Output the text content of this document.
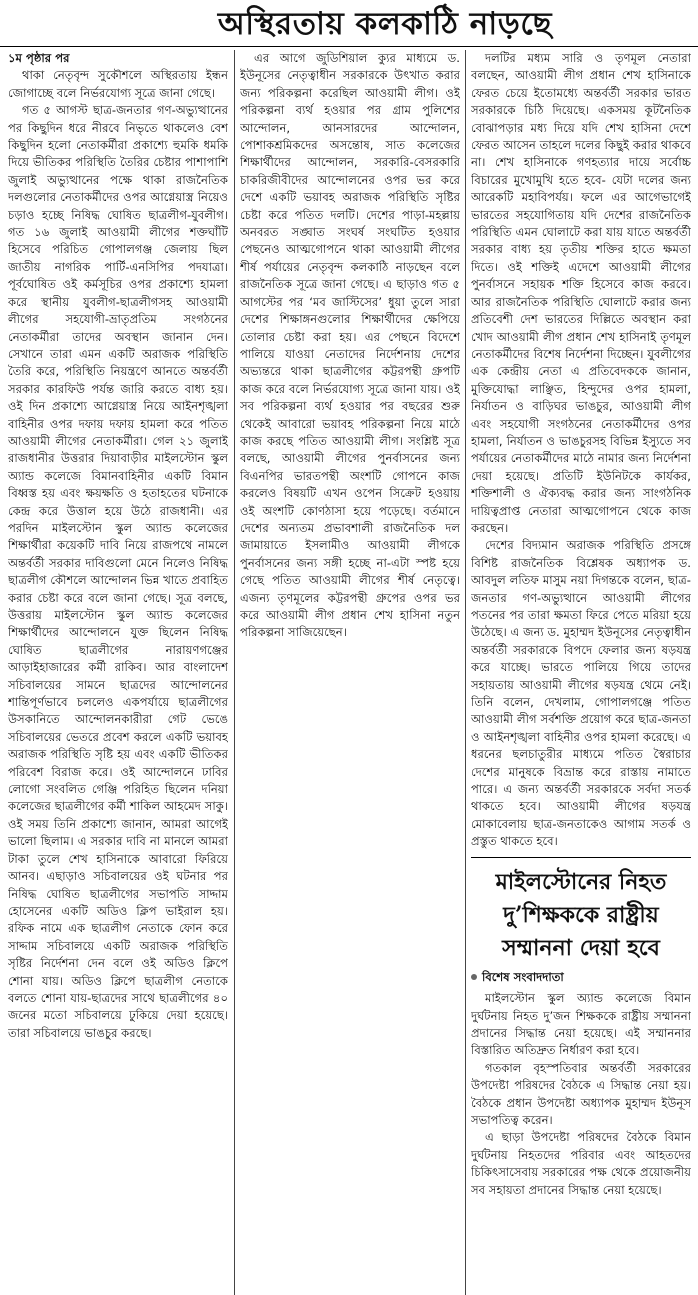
অস্থিরতায় কলকাঠি নাড়ছে

১ম পৃষ্ঠার পর

থাকা নেতৃবৃন্দ সুকৌশলে অস্থিরতায় ইন্ধন জোগাচ্ছে বলে নির্ভরযোগ্য সূত্রে জানা গেছে।

গত ৫ আগস্ট ছাত্র-জনতার গণ-অভ্যুত্থানের পর কিছুদিন ধরে নীরবে নিভৃতে থাকলেও বেশ কিছুদিন হলো নেতাকর্মীরা প্রকাশ্যে হুমকি ধমকি দিয়ে ভীতিকর পরিস্থিতি তৈরির চেষ্টার পাশাপাশি জুলাই অভ্যুত্থানের পক্ষে থাকা রাজনৈতিক দলগুলোর নেতাকর্মীদের ওপর আগ্নেয়াস্ত্র নিয়েও চড়াও হচ্ছে নিষিদ্ধ ঘোষিত ছাত্রলীগ-যুবলীগ। গত ১৬ জুলাই আওয়ামী লীগের শক্তঘাঁটি হিসেবে পরিচিত গোপালগঞ্জ জেলায় ছিল জাতীয় নাগরিক পার্টি-এনসিপির পদযাত্রা। পূর্বঘোষিত ওই কর্মসূচির ওপর প্রকাশ্যে হামলা করে স্থানীয় যুবলীগ-ছাত্রলীগসহ আওয়ামী লীগের সহযোগী-ভ্রাতৃপ্রতিম সংগঠনের নেতাকর্মীরা তাদের অবস্থান জানান দেন। সেখানে তারা এমন একটি অরাজক পরিস্থিতি তৈরি করে, পরিস্থিতি নিয়ন্ত্রণে আনতে অন্তর্বর্তী সরকার কারফিউ পর্যন্ত জারি করতে বাধ্য হয়। ওই দিন প্রকাশ্যে আগ্নেয়াস্ত্র নিয়ে আইনশৃঙ্খলা বাহিনীর ওপর দফায় দফায় হামলা করে পতিত আওয়ামী লীগের নেতাকর্মীরা। গেল ২১ জুলাই রাজধানীর উত্তরার দিয়াবাড়ীর মাইলস্টোন স্কুল অ্যান্ড কলেজে বিমানবাহিনীর একটি বিমান বিধ্বস্ত হয় এবং ক্ষয়ক্ষতি ও হতাহতের ঘটনাকে কেন্দ্র করে উত্তাল হয়ে উঠে রাজধানী। এর পরদিন মাইলস্টোন স্কুল অ্যান্ড কলেজের শিক্ষার্থীরা কয়েকটি দাবি নিয়ে রাজপথে নামলে অন্তর্বর্তী সরকার দাবিগুলো মেনে নিলেও নিষিদ্ধ ছাত্রলীগ কৌশলে আন্দোলন ভিন্ন খাতে প্রবাহিত করার চেষ্টা করে বলে জানা গেছে। সূত্র বলছে, উত্তরায় মাইলস্টোন স্কুল অ্যান্ড কলেজের শিক্ষার্থীদের আন্দোলনে যুক্ত ছিলেন নিষিদ্ধ ঘোষিত ছাত্রলীগের নারায়ণগঞ্জের আড়াইহাজারের কর্মী রাকিব। আর বাংলাদেশ সচিবালয়ের সামনে ছাত্রদের আন্দোলনের শান্তিপূর্ণভাবে চললেও একপর্যায়ে ছাত্রলীগের উসকানিতে আন্দোলনকারীরা গেট ভেঙে সচিবালয়ের ভেতরে প্রবেশ করলে একটি ভয়াবহ অরাজক পরিস্থিতি সৃষ্টি হয় এবং একটি ভীতিকর পরিবেশ বিরাজ করে। ওই আন্দোলনে ঢাবির লোগো সংবলিত গেঞ্জি পরিহিত ছিলেন দনিয়া কলেজের ছাত্রলীগের কর্মী শাকিল আহমেদ সাকু। ওই সময় তিনি প্রকাশ্যে জানান, আমরা আগেই ভালো ছিলাম। এ সরকার দাবি না মানলে আমরা টাকা তুলে শেখ হাসিনাকে আবারো ফিরিয়ে আনব। এছাড়াও সচিবালয়ের ওই ঘটনার পর নিষিদ্ধ ঘোষিত ছাত্রলীগের সভাপতি সাদ্দাম হোসেনের একটি অডিও ক্লিপ ভাইরাল হয়। রফিক নামে এক ছাত্রলীগ নেতাকে ফোন করে সাদ্দাম সচিবালয়ে একটি অরাজক পরিস্থিতি সৃষ্টির নির্দেশনা দেন বলে ওই অডিও ক্লিপে শোনা যায়। অডিও ক্লিপে ছাত্রলীগ নেতাকে বলতে শোনা যায়-ছাত্রদের সাথে ছাত্রলীগের ৪০ জনের মতো সচিবালয়ে ঢুকিয়ে দেয়া হয়েছে। তারা সচিবালয়ে ভাঙচুর করছে।

এর আগে জুডিশিয়াল ক্যুর মাধ্যমে ড. ইউনূসের নেতৃত্বাধীন সরকারকে উৎখাত করার জন্য পরিকল্পনা করেছিল আওয়ামী লীগ। ওই পরিকল্পনা ব্যর্থ হওয়ার পর গ্রাম পুলিশের আন্দোলন, আনসারদের আন্দোলন, পোশাকশ্রমিকদের অসন্তোষ, সাত কলেজের শিক্ষার্থীদের আন্দোলন, সরকারি-বেসরকারি চাকরিজীবীদের আন্দোলনের ওপর ভর করে দেশে একটি ভয়াবহ অরাজক পরিস্থিতি সৃষ্টির চেষ্টা করে পতিত দলটি। দেশের পাড়া-মহল্লায় অনবরত সঙ্ঘাত সংঘর্ষ সংঘটিত হওয়ার পেছনেও আত্মগোপনে থাকা আওয়ামী লীগের শীর্ষ পর্যায়ের নেতৃবৃন্দ কলকাঠি নাড়ছেন বলে রাজনৈতিক সূত্রে জানা গেছে। এ ছাড়াও গত ৫ আগস্টের পর ‘মব জাস্টিসের’ ধুয়া তুলে সারা দেশের শিক্ষাঙ্গনগুলোর শিক্ষার্থীদের ক্ষেপিয়ে তোলার চেষ্টা করা হয়। এর পেছনে বিদেশে পালিয়ে যাওয়া নেতাদের নির্দেশনায় দেশের অভ্যন্তরে থাকা ছাত্রলীগের কট্টরপন্থী গ্রুপটি কাজ করে বলে নির্ভরযোগ্য সূত্রে জানা যায়। ওই সব পরিকল্পনা ব্যর্থ হওয়ার পর বছরের শুরু থেকেই আবারো ভয়াবহ পরিকল্পনা নিয়ে মাঠে কাজ করছে পতিত আওয়ামী লীগ। সংশ্লিষ্ট সূত্র বলছে, আওয়ামী লীগের পুনর্বাসনের জন্য বিএনপির ভারতপন্থী অংশটি গোপনে কাজ করলেও বিষয়টি এখন ওপেন সিক্রেট হওয়ায় ওই অংশটি কোণঠাসা হয়ে পড়েছে। বর্তমানে দেশের অন্যতম প্রভাবশালী রাজনৈতিক দল জামায়াতে ইসলামীও আওয়ামী লীগকে পুনর্বাসনের জন্য সঙ্গী হচ্ছে না-এটা স্পষ্ট হয়ে গেছে পতিত আওয়ামী লীগের শীর্ষ নেতৃত্বে। এজন্য তৃণমূলের কট্টরপন্থী গ্রুপের ওপর ভর করে আওয়ামী লীগ প্রধান শেখ হাসিনা নতুন পরিকল্পনা সাজিয়েছেন।

দলটির মধ্যম সারি ও তৃণমূল নেতারা বলছেন, আওয়ামী লীগ প্রধান শেখ হাসিনাকে ফেরত চেয়ে ইতোমধ্যে অন্তর্বর্তী সরকার ভারত সরকারকে চিঠি দিয়েছে। একসময় কূটনৈতিক বোঝাপড়ার মধ্য দিয়ে যদি শেখ হাসিনা দেশে ফেরত আসেন তাহলে দলের কিছুই করার থাকবে না। শেখ হাসিনাকে গণহত্যার দায়ে সর্বোচ্চ বিচারের মুখোমুখি হতে হবে- যেটা দলের জন্য আরেকটি মহাবিপর্যয়। ফলে এর আগেভাগেই ভারতের সহযোগিতায় যদি দেশের রাজনৈতিক পরিস্থিতি এমন ঘোলাটে করা যায় যাতে অন্তর্বর্তী সরকার বাধ্য হয় তৃতীয় শক্তির হাতে ক্ষমতা দিতে। ওই শক্তিই এদেশে আওয়ামী লীগের পুনর্বাসনে সহায়ক শক্তি হিসেবে কাজ করবে। আর রাজনৈতিক পরিস্থিতি ঘোলাটে করার জন্য প্রতিবেশী দেশ ভারতের দিল্লিতে অবস্থান করা খোদ আওয়ামী লীগ প্রধান শেখ হাসিনাই তৃণমূল নেতাকর্মীদের বিশেষ নির্দেশনা দিচ্ছেন। যুবলীগের এক কেন্দ্রীয় নেতা এ প্রতিবেদককে জানান, মুক্তিযোদ্ধা লাঞ্ছিত, হিন্দুদের ওপর হামলা, নির্যাতন ও বাড়িঘর ভাঙচুর, আওয়ামী লীগ এবং সহযোগী সংগঠনের নেতাকর্মীদের ওপর হামলা, নির্যাতন ও ভাঙচুরসহ বিভিন্ন ইস্যুতে সব পর্যায়ের নেতাকর্মীদের মাঠে নামার জন্য নির্দেশনা দেয়া হয়েছে। প্রতিটি ইউনিটকে কার্যকর, শক্তিশালী ও ঐক্যবদ্ধ করার জন্য সাংগঠনিক দায়িত্বপ্রাপ্ত নেতারা আত্মগোপনে থেকে কাজ করছেন।

দেশের বিদ্যমান অরাজক পরিস্থিতি প্রসঙ্গে বিশিষ্ট রাজনৈতিক বিশ্লেষক অধ্যাপক ড. আবদুল লতিফ মাসুম নয়া দিগন্তকে বলেন, ছাত্র-জনতার গণ-অভ্যুত্থানে আওয়ামী লীগের পতনের পর তারা ক্ষমতা ফিরে পেতে মরিয়া হয়ে উঠেছে। এ জন্য ড. মুহাম্মদ ইউনূসের নেতৃত্বাধীন অন্তর্বর্তী সরকারকে বিপদে ফেলার জন্য ষড়যন্ত্র করে যাচ্ছে। ভারতে পালিয়ে গিয়ে তাদের সহায়তায় আওয়ামী লীগের ষড়যন্ত্র থেমে নেই। তিনি বলেন, দেখলাম, গোপালগঞ্জে পতিত আওয়ামী লীগ সর্বশক্তি প্রয়োগ করে ছাত্র-জনতা ও আইনশৃঙ্খলা বাহিনীর ওপর হামলা করেছে। এ ধরনের ছলচাতুরীর মাধ্যমে পতিত স্বৈরাচার দেশের মানুষকে বিভ্রান্ত করে রাস্তায় নামাতে পারে। এ জন্য অন্তর্বর্তী সরকারকে সর্বদা সতর্ক থাকতে হবে। আওয়ামী লীগের ষড়যন্ত্র মোকাবেলায় ছাত্র-জনতাকেও আগাম সতর্ক ও প্রস্তুত থাকতে হবে।

মাইলস্টোনের নিহত দু’শিক্ষককে রাষ্ট্রীয় সম্মাননা দেয়া হবে
বিশেষ সংবাদদাতা

মাইলস্টোন স্কুল অ্যান্ড কলেজে বিমান দুর্ঘটনায় নিহত দু’জন শিক্ষককে রাষ্ট্রীয় সম্মাননা প্রদানের সিদ্ধান্ত নেয়া হয়েছে। এই সম্মাননার বিস্তারিত অতিদ্রুত নির্ধারণ করা হবে।

গতকাল বৃহস্পতিবার অন্তর্বর্তী সরকারের উপদেষ্টা পরিষদের বৈঠকে এ সিদ্ধান্ত নেয়া হয়। বৈঠকে প্রধান উপদেষ্টা অধ্যাপক মুহাম্মদ ইউনূস সভাপতিত্ব করেন।

এ ছাড়া উপদেষ্টা পরিষদের বৈঠকে বিমান দুর্ঘটনায় নিহতদের পরিবার এবং আহতদের চিকিৎসাসেবায় সরকারের পক্ষ থেকে প্রয়োজনীয় সব সহায়তা প্রদানের সিদ্ধান্ত নেয়া হয়েছে।
